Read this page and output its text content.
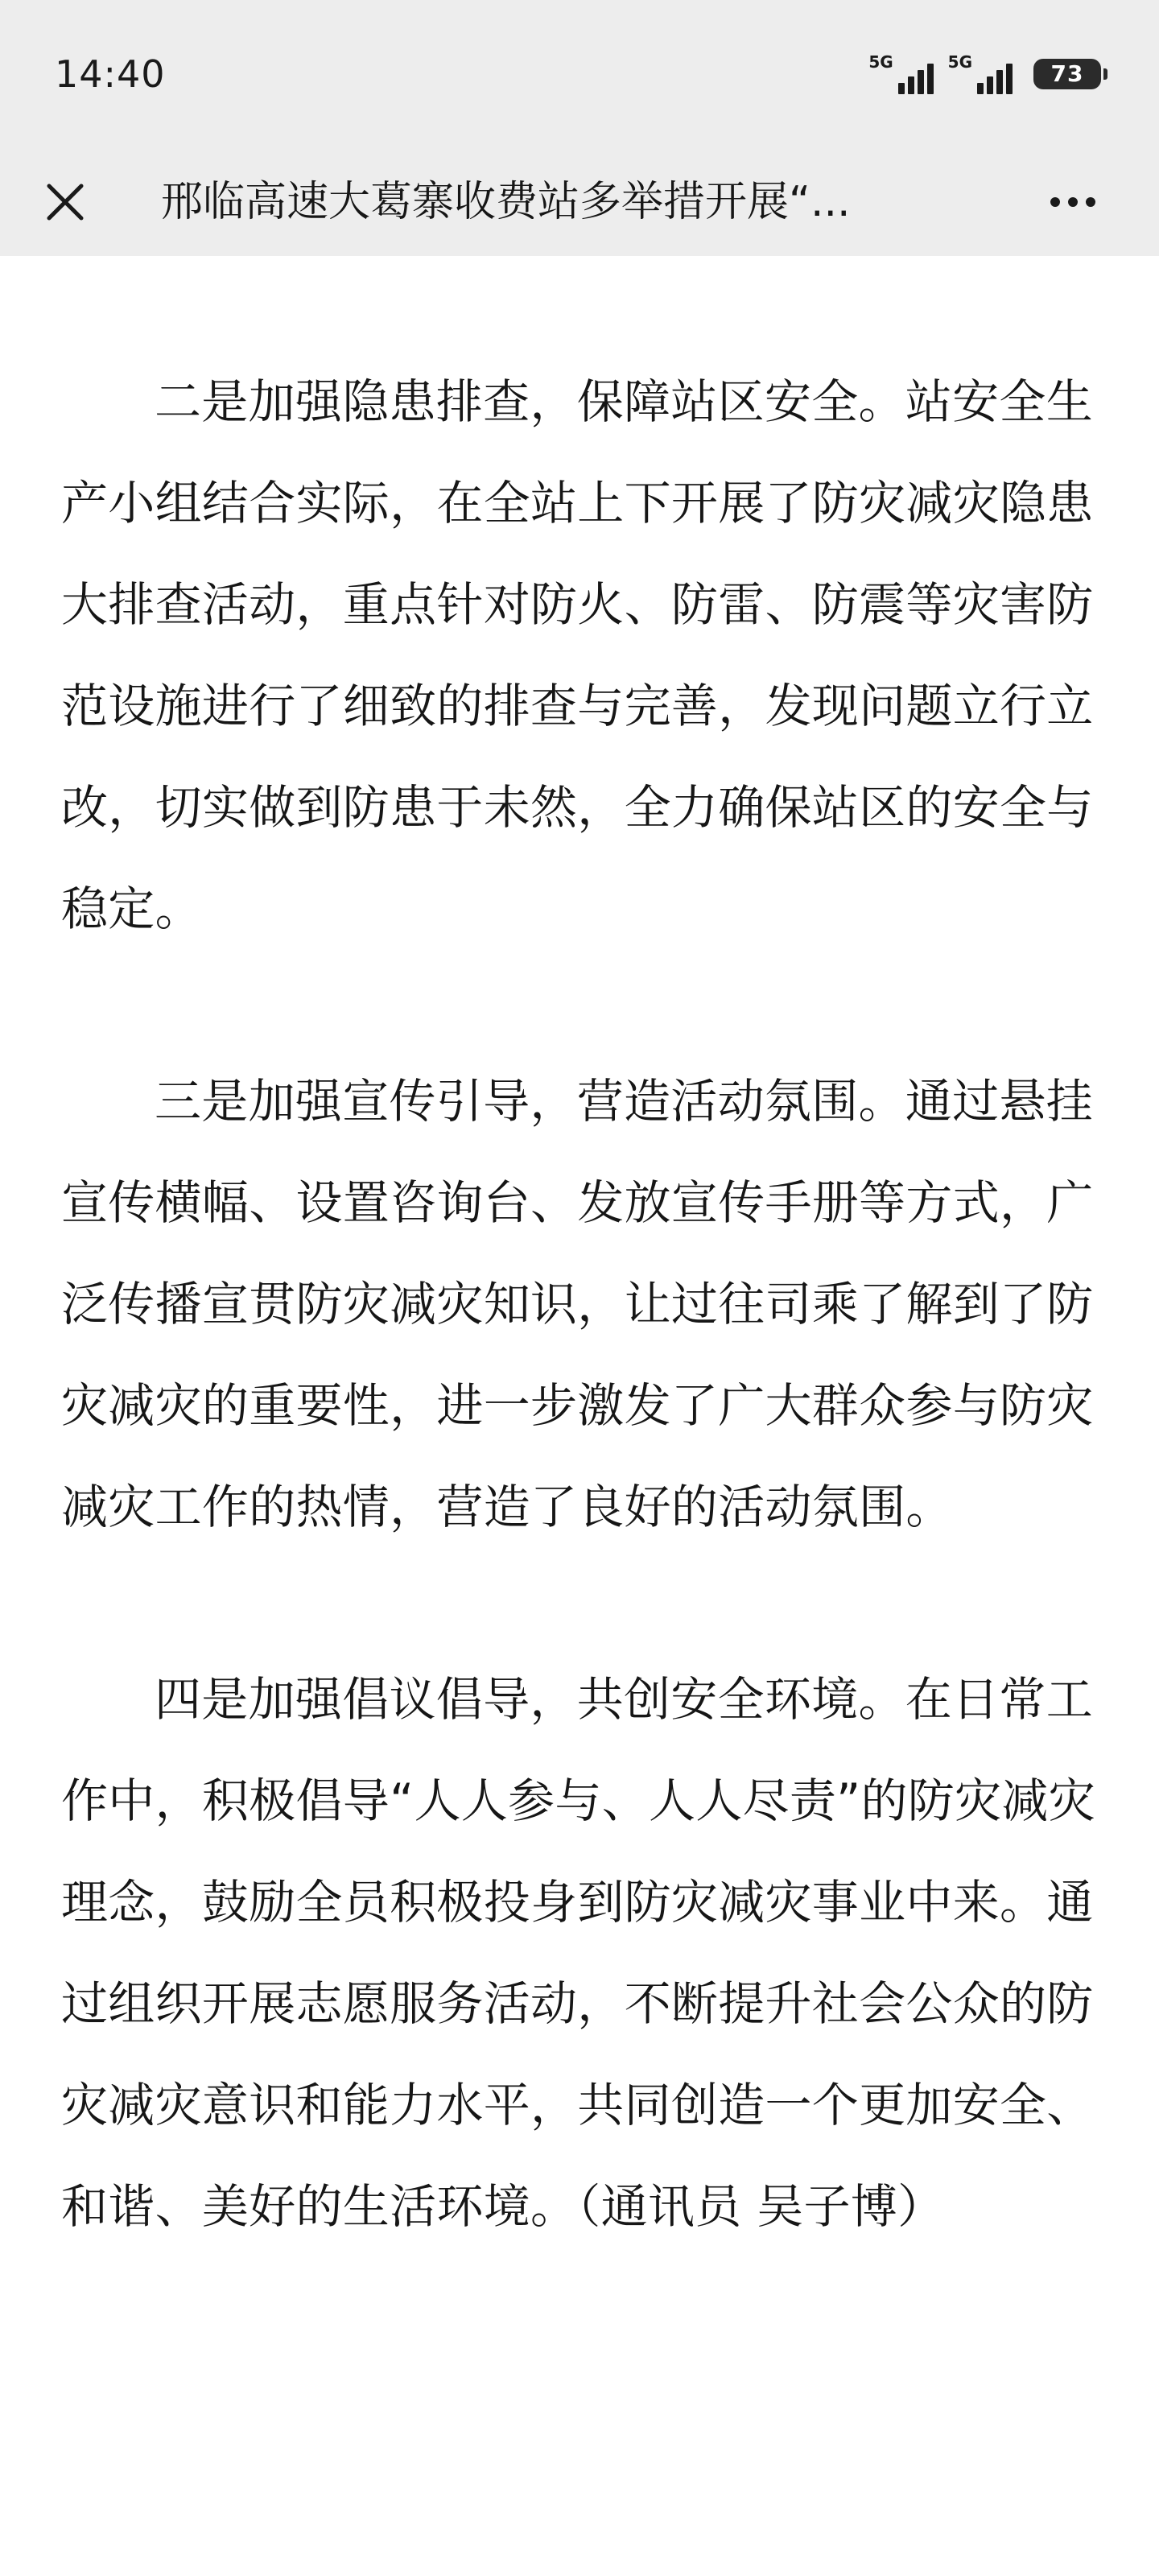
14:40	5G	5G	73
邢临高速大葛寨收费站多举措开展“...

二是加强隐患排查，保障站区安全。站安全生产小组结合实际，在全站上下开展了防灾减灾隐患大排查活动，重点针对防火、防雷、防震等灾害防范设施进行了细致的排查与完善，发现问题立行立改，切实做到防患于未然，全力确保站区的安全与稳定。

三是加强宣传引导，营造活动氛围。通过悬挂宣传横幅、设置咨询台、发放宣传手册等方式，广泛传播宣贯防灾减灾知识，让过往司乘了解到了防灾减灾的重要性，进一步激发了广大群众参与防灾减灾工作的热情，营造了良好的活动氛围。

四是加强倡议倡导，共创安全环境。在日常工作中，积极倡导“人人参与、人人尽责”的防灾减灾理念，鼓励全员积极投身到防灾减灾事业中来。通过组织开展志愿服务活动，不断提升社会公众的防灾减灾意识和能力水平，共同创造一个更加安全、和谐、美好的生活环境。（通讯员 吴子博）
